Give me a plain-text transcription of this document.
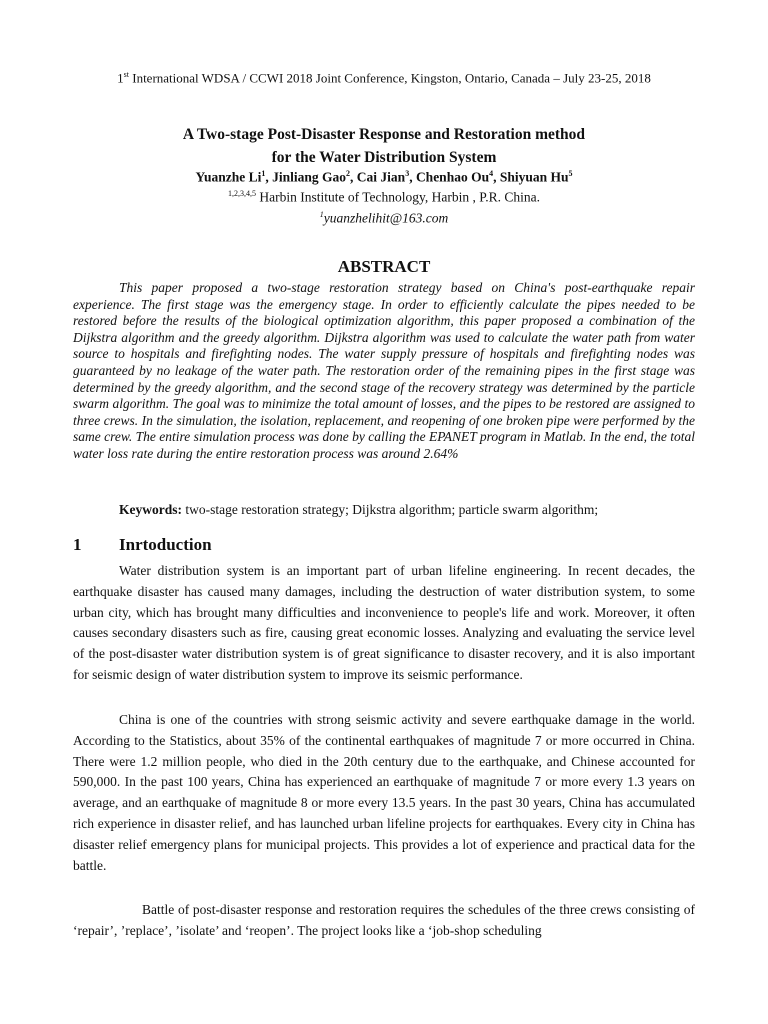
1st International WDSA / CCWI 2018 Joint Conference, Kingston, Ontario, Canada – July 23-25, 2018
A Two-stage Post-Disaster Response and Restoration method
for the Water Distribution System
Yuanzhe Li$^1$, Jinliang Gao$^2$, Cai Jian$^3$, Chenhao Ou$^4$, Shiyuan Hu$^5$
$^{1,2,3,4,5}$ Harbin Institute of Technology, Harbin , P.R. China.
$^1$yuanzhelihit@163.com
ABSTRACT

This paper proposed a two-stage restoration strategy based on China's post-earthquake repair experience. The first stage was the emergency stage. In order to efficiently calculate the pipes needed to be restored before the results of the biological optimization algorithm, this paper proposed a combination of the Dijkstra algorithm and the greedy algorithm. Dijkstra algorithm was used to calculate the water path from water source to hospitals and firefighting nodes. The water supply pressure of hospitals and firefighting nodes was guaranteed by no leakage of the water path. The restoration order of the remaining pipes in the first stage was determined by the greedy algorithm, and the second stage of the recovery strategy was determined by the particle swarm algorithm. The goal was to minimize the total amount of losses, and the pipes to be restored are assigned to three crews. In the simulation, the isolation, replacement, and reopening of one broken pipe were performed by the same crew. The entire simulation process was done by calling the EPANET program in Matlab. In the end, the total water loss rate during the entire restoration process was around 2.64%

Keywords: two-stage restoration strategy; Dijkstra algorithm; particle swarm algorithm;
1 Inrtoduction

Water distribution system is an important part of urban lifeline engineering. In recent decades, the earthquake disaster has caused many damages, including the destruction of water distribution system, to some urban city, which has brought many difficulties and inconvenience to people's life and work. Moreover, it often causes secondary disasters such as fire, causing great economic losses. Analyzing and evaluating the service level of the post-disaster water distribution system is of great significance to disaster recovery, and it is also important for seismic design of water distribution system to improve its seismic performance.

China is one of the countries with strong seismic activity and severe earthquake damage in the world. According to the Statistics, about 35% of the continental earthquakes of magnitude 7 or more occurred in China. There were 1.2 million people, who died in the 20th century due to the earthquake, and Chinese accounted for 590,000. In the past 100 years, China has experienced an earthquake of magnitude 7 or more every 1.3 years on average, and an earthquake of magnitude 8 or more every 13.5 years. In the past 30 years, China has accumulated rich experience in disaster relief, and has launched urban lifeline projects for earthquakes. Every city in China has disaster relief emergency plans for municipal projects. This provides a lot of experience and practical data for the battle.

Battle of post-disaster response and restoration requires the schedules of the three crews consisting of ‘repair’, ’replace’, ’isolate’ and ‘reopen’. The project looks like a ‘job-shop scheduling
